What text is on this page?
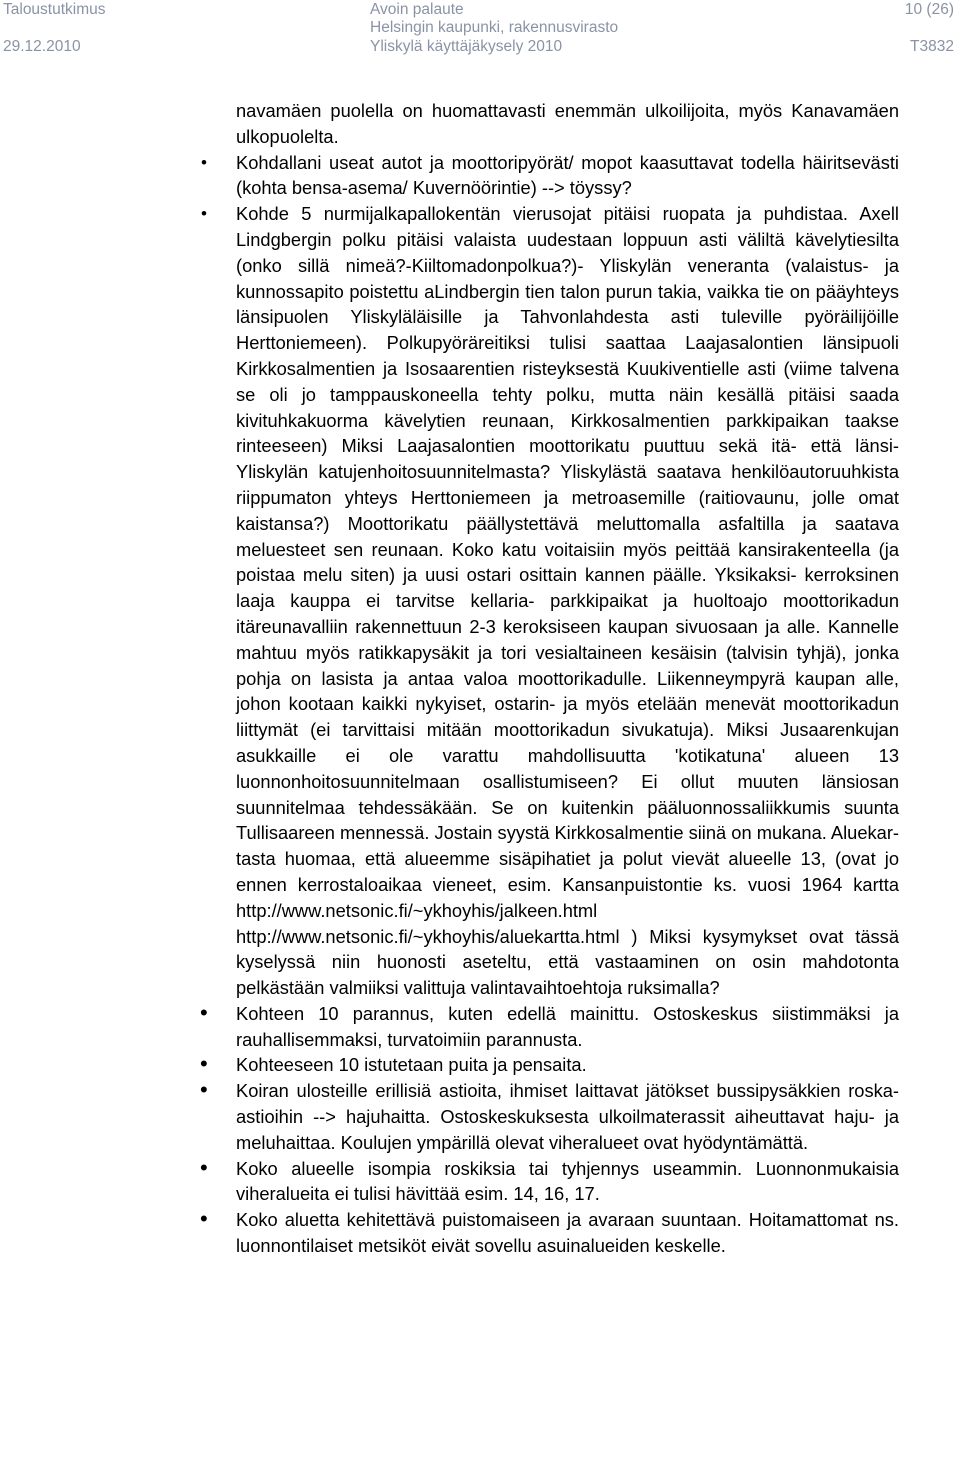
Taloustutkimus
29.12.2010
Avoin palaute
Helsingin kaupunki, rakennusvirasto
Yliskylä käyttäjäkysely 2010
10 (26)
T3832
navamäen puolella on huomattavasti enemmän ulkoilijoita, myös Kanavamäen ulkopuolelta.
• Kohdallani useat autot ja moottoripyörät/ mopot kaasuttavat todella häiritsevästi (kohta bensa-asema/ Kuvernöörintie) --> töyssy?
• Kohde 5 nurmijalkapallokentän vierusojat pitäisi ruopata ja puhdistaa. Axell Lindgbergin polku pitäisi valaista uudestaan loppuun asti väliltä kävelytiesilta (onko sillä nimeä?-Kiiltomadonpolkua?)- Yliskylän veneranta (valaistus- ja kunnossapito poistettu aLindbergin tien talon purun takia, vaikka tie on pääyhteys länsipuolen Yliskyläläisille ja Tahvonlahdesta asti tuleville pyöräilijöille Herttoniemeen). Polkupyöräreitiksi tulisi saattaa Laajasalontien länsipuoli Kirkkosalmentien ja Isosaarentien risteyksestä Kuukiventielle asti (viime talvena se oli jo tamppauskoneella tehty polku, mutta näin kesällä pitäisi saada kivituhkakuorma kävelytien reunaan, Kirkkosalmentien parkkipaikan taakse rinteeseen) Miksi Laajasalontien moottorikatu puuttuu sekä itä- että länsi- Yliskylän katujenhoitosuunnitelmasta? Yliskylästä saatava henkilöautoruuhkista riippumaton yhteys Herttoniemeen ja metroasemille (raitiovaunu, jolle omat kaistansa?) Moottorikatu päällystettävä meluttomalla asfaltilla ja saatava meluesteet sen reunaan. Koko katu voitaisiin myös peittää kansirakenteella (ja poistaa melu siten) ja uusi ostari osittain kannen päälle. Yksikaksi- kerroksinen laaja kauppa ei tarvitse kellaria- parkkipaikat ja huoltoajo moottorikadun itäreunavalliin rakennettuun 2-3 keroksiseen kaupan sivuosaan ja alle. Kannelle mahtuu myös ratikkapysäkit ja tori vesialtaineen kesäisin (talvisin tyhjä), jonka pohja on lasista ja antaa valoa moottorikadulle. Liikenneympyrä kaupan alle, johon kootaan kaikki nykyiset, ostarin- ja myös etelään menevät moottorikadun liittymät (ei tarvittaisi mitään moottorikadun sivukatuja). Miksi Jusaarenkujan asukkaille ei ole varattu mahdollisuutta 'kotikatuna' alueen 13 luonnonhoitosuunnitelmaan osallistumiseen? Ei ollut muuten länsiosan suunnitelmaa tehdessäkään. Se on kuitenkin pääluonnossaliikkumis suunta Tullisaareen mennessä. Jostain syystä Kirkkosalmentie siinä on mukana. Aluekartasta huomaa, että alueemme sisäpihatiet ja polut vievät alueelle 13, (ovat jo ennen kerrostaloaikaa vieneet, esim. Kansanpuistontie ks. vuosi 1964 kartta http://www.netsonic.fi/~ykhoyhis/jalkeen.html http://www.netsonic.fi/~ykhoyhis/aluekartta.html ) Miksi kysymykset ovat tässä kyselyssä niin huonosti aseteltu, että vastaaminen on osin mahdotonta pelkästään valmiiksi valittuja valintavaihtoehtoja ruksimalla?
• Kohteen 10 parannus, kuten edellä mainittu. Ostoskeskus siistimmäksi ja rauhallisemmaksi, turvatoimiin parannusta.
• Kohteeseen 10 istutetaan puita ja pensaita.
• Koiran ulosteille erillisiä astioita, ihmiset laittavat jätökset bussipysäkkien roska-astioihin --> hajuhaitta. Ostoskeskuksesta ulkoilmaterassit aiheuttavat haju- ja meluhaittaa. Koulujen ympärillä olevat viheralueet ovat hyödyntämättä.
• Koko alueelle isompia roskiksia tai tyhjennys useammin. Luonnonmukaisia viheralueita ei tulisi hävittää esim. 14, 16, 17.
• Koko aluetta kehitettävä puistomaiseen ja avaraan suuntaan. Hoitamattomat ns. luonnontilaiset metsiköt eivät sovellu asuinalueiden keskelle.
